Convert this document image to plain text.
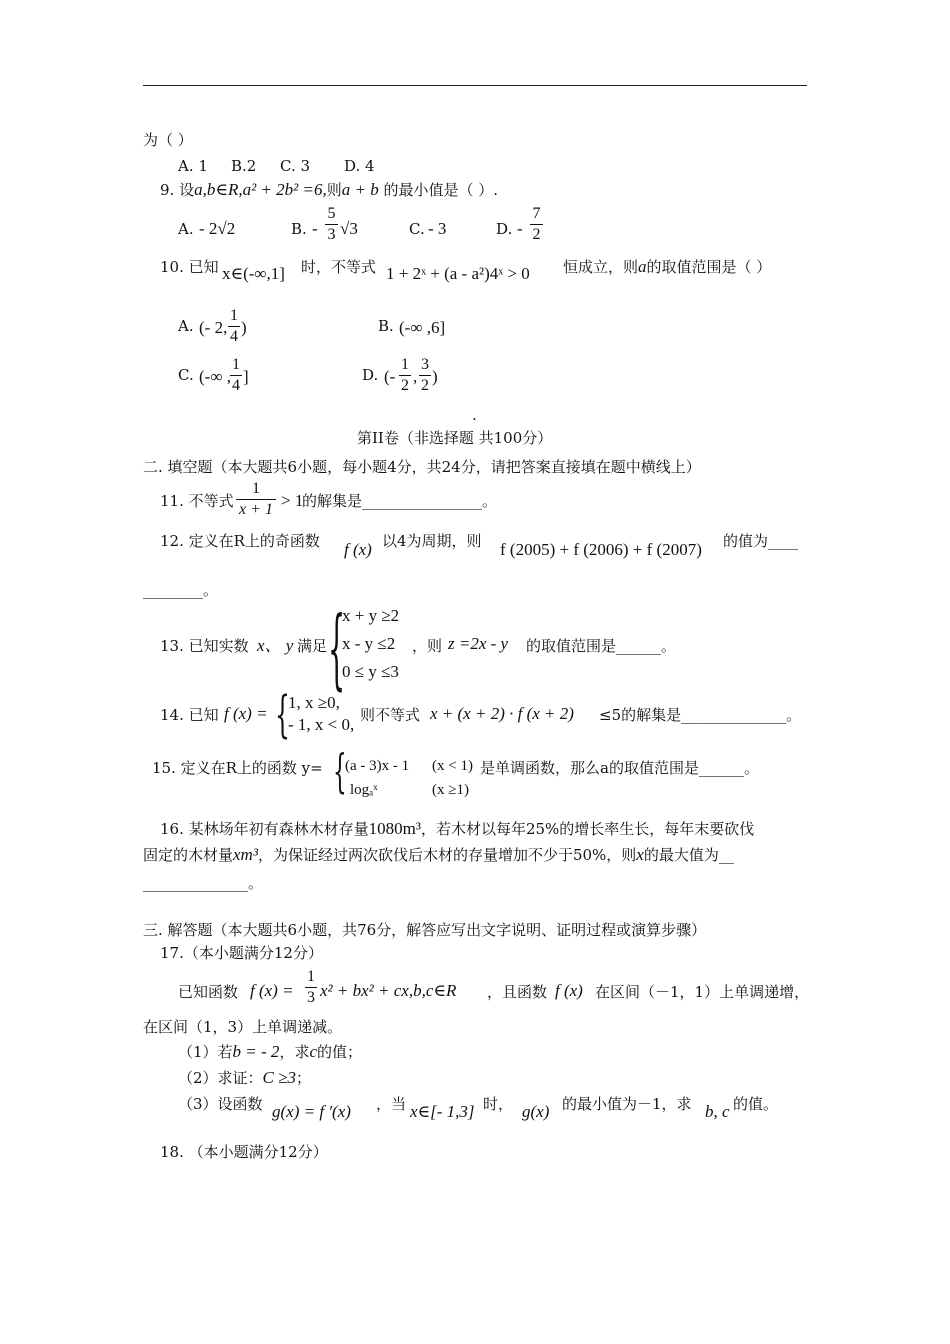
为（ ）
A. 1 B.2 C. 3 D. 4
9. 设a,b∈R,a² + 2b² =6,则a + b 的最小值是（ ）.
A. - 2√2	B. -
5
3 √3	C. - 3	D. -
7
2
10. 已知 x∈(-∞,1] 时，不等式 1 + 2ˣ + (a - a²)4ˣ > 0 恒成立，则a的取值范围是（ ）
A. (- 2,
1
4 )	B. (-∞ ,6]
C. (-∞ ,
1
4 ]	D. (-
1
2 ,
3
2 )
.
第II卷（非选择题 共100分）
二. 填空题（本大题共6小题，每小题4分，共24分，请把答案直接填在题中横线上）
11. 不等式
1
x + 1 > 1
的解集是________________。
12. 定义在R上的奇函数 f (x) 以4为周期，则 f (2005) + f (2006) + f (2007) 的值为____
________。
13. 已知实数 x、 y 满足 {
x + y ≥2
x - y ≤2
0 ≤ y ≤3
，则 z =2x - y 的取值范围是______。
14. 已知 f (x) = {
1, x ≥0,
- 1, x < 0, 则不等式 x + (x + 2) · f (x + 2) ≤5的解集是______________。
15. 定义在R上的函数 y= {
(a - 3)x - 1 (x < 1)
logₐˣ	(x ≥1)
是单调函数，那么a的取值范围是______。
16. 某林场年初有森林木材存量1080m³，若木材以每年25%的增长率生长，每年末要砍伐
固定的木材量xm³，为保证经过两次砍伐后木材的存量增加不少于50%，则x的最大值为__
______________。
三. 解答题（本大题共6小题，共76分，解答应写出文字说明、证明过程或演算步骤）
17.（本小题满分12分）
已知函数 f (x) =
1
3 x² + bx² + cx,b,c∈R ，且函数 f (x) 在区间（－1，1）上单调递增，
在区间（1，3）上单调递减。
（1）若b = - 2，求c的值；
（2）求证：C ≥3；
（3）设函数 g(x) = f ′(x) ，当 x∈[- 1,3] 时， g(x) 的最小值为－1，求 b, c 的值。
18. （本小题满分12分）
